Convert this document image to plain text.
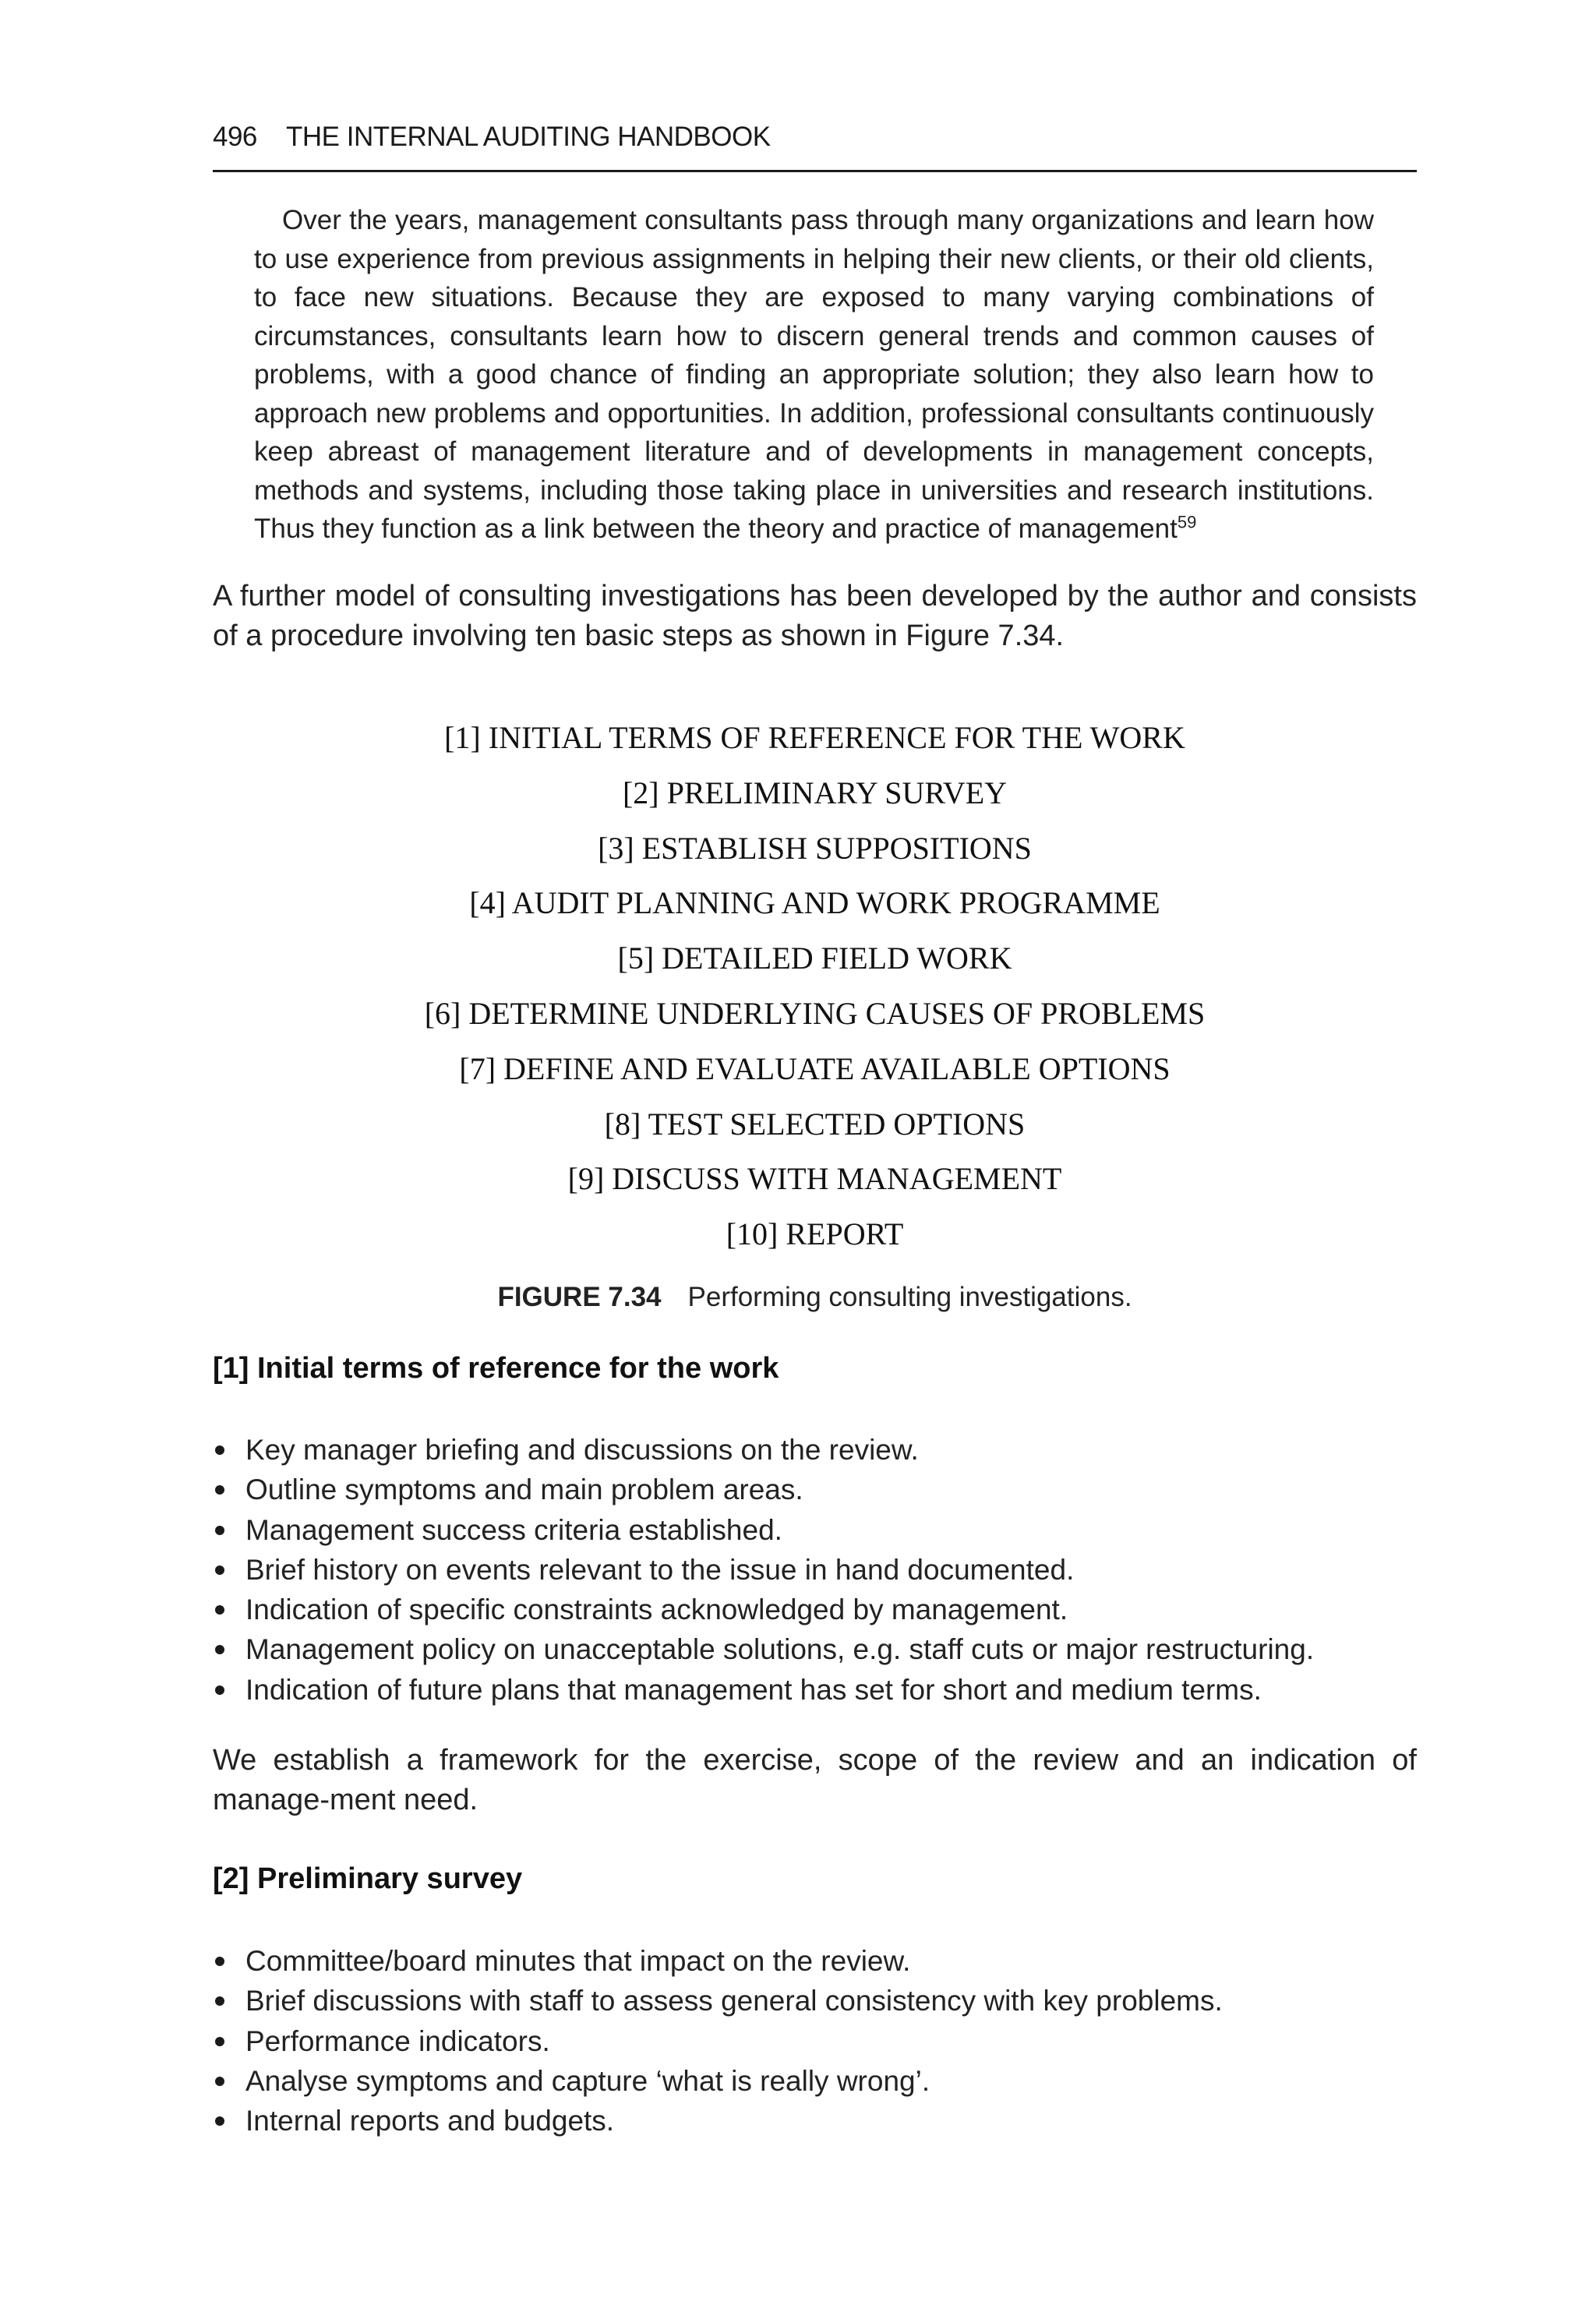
496 THE INTERNAL AUDITING HANDBOOK
Over the years, management consultants pass through many organizations and learn how to use experience from previous assignments in helping their new clients, or their old clients, to face new situations. Because they are exposed to many varying combinations of circumstances, consultants learn how to discern general trends and common causes of problems, with a good chance of finding an appropriate solution; they also learn how to approach new problems and opportunities. In addition, professional consultants continuously keep abreast of management literature and of developments in management concepts, methods and systems, including those taking place in universities and research institutions. Thus they function as a link between the theory and practice of management$^{59}$
A further model of consulting investigations has been developed by the author and consists of a procedure involving ten basic steps as shown in Figure 7.34.
[1] INITIAL TERMS OF REFERENCE FOR THE WORK
[2] PRELIMINARY SURVEY
[3] ESTABLISH SUPPOSITIONS
[4] AUDIT PLANNING AND WORK PROGRAMME
[5] DETAILED FIELD WORK
[6] DETERMINE UNDERLYING CAUSES OF PROBLEMS
[7] DEFINE AND EVALUATE AVAILABLE OPTIONS
[8] TEST SELECTED OPTIONS
[9] DISCUSS WITH MANAGEMENT
[10] REPORT
FIGURE 7.34 Performing consulting investigations.
[1] Initial terms of reference for the work
Key manager briefing and discussions on the review.
Outline symptoms and main problem areas.
Management success criteria established.
Brief history on events relevant to the issue in hand documented.
Indication of specific constraints acknowledged by management.
Management policy on unacceptable solutions, e.g. staff cuts or major restructuring.
Indication of future plans that management has set for short and medium terms.
We establish a framework for the exercise, scope of the review and an indication of manage-ment need.
[2] Preliminary survey
Committee/board minutes that impact on the review.
Brief discussions with staff to assess general consistency with key problems.
Performance indicators.
Analyse symptoms and capture ‘what is really wrong’.
Internal reports and budgets.
